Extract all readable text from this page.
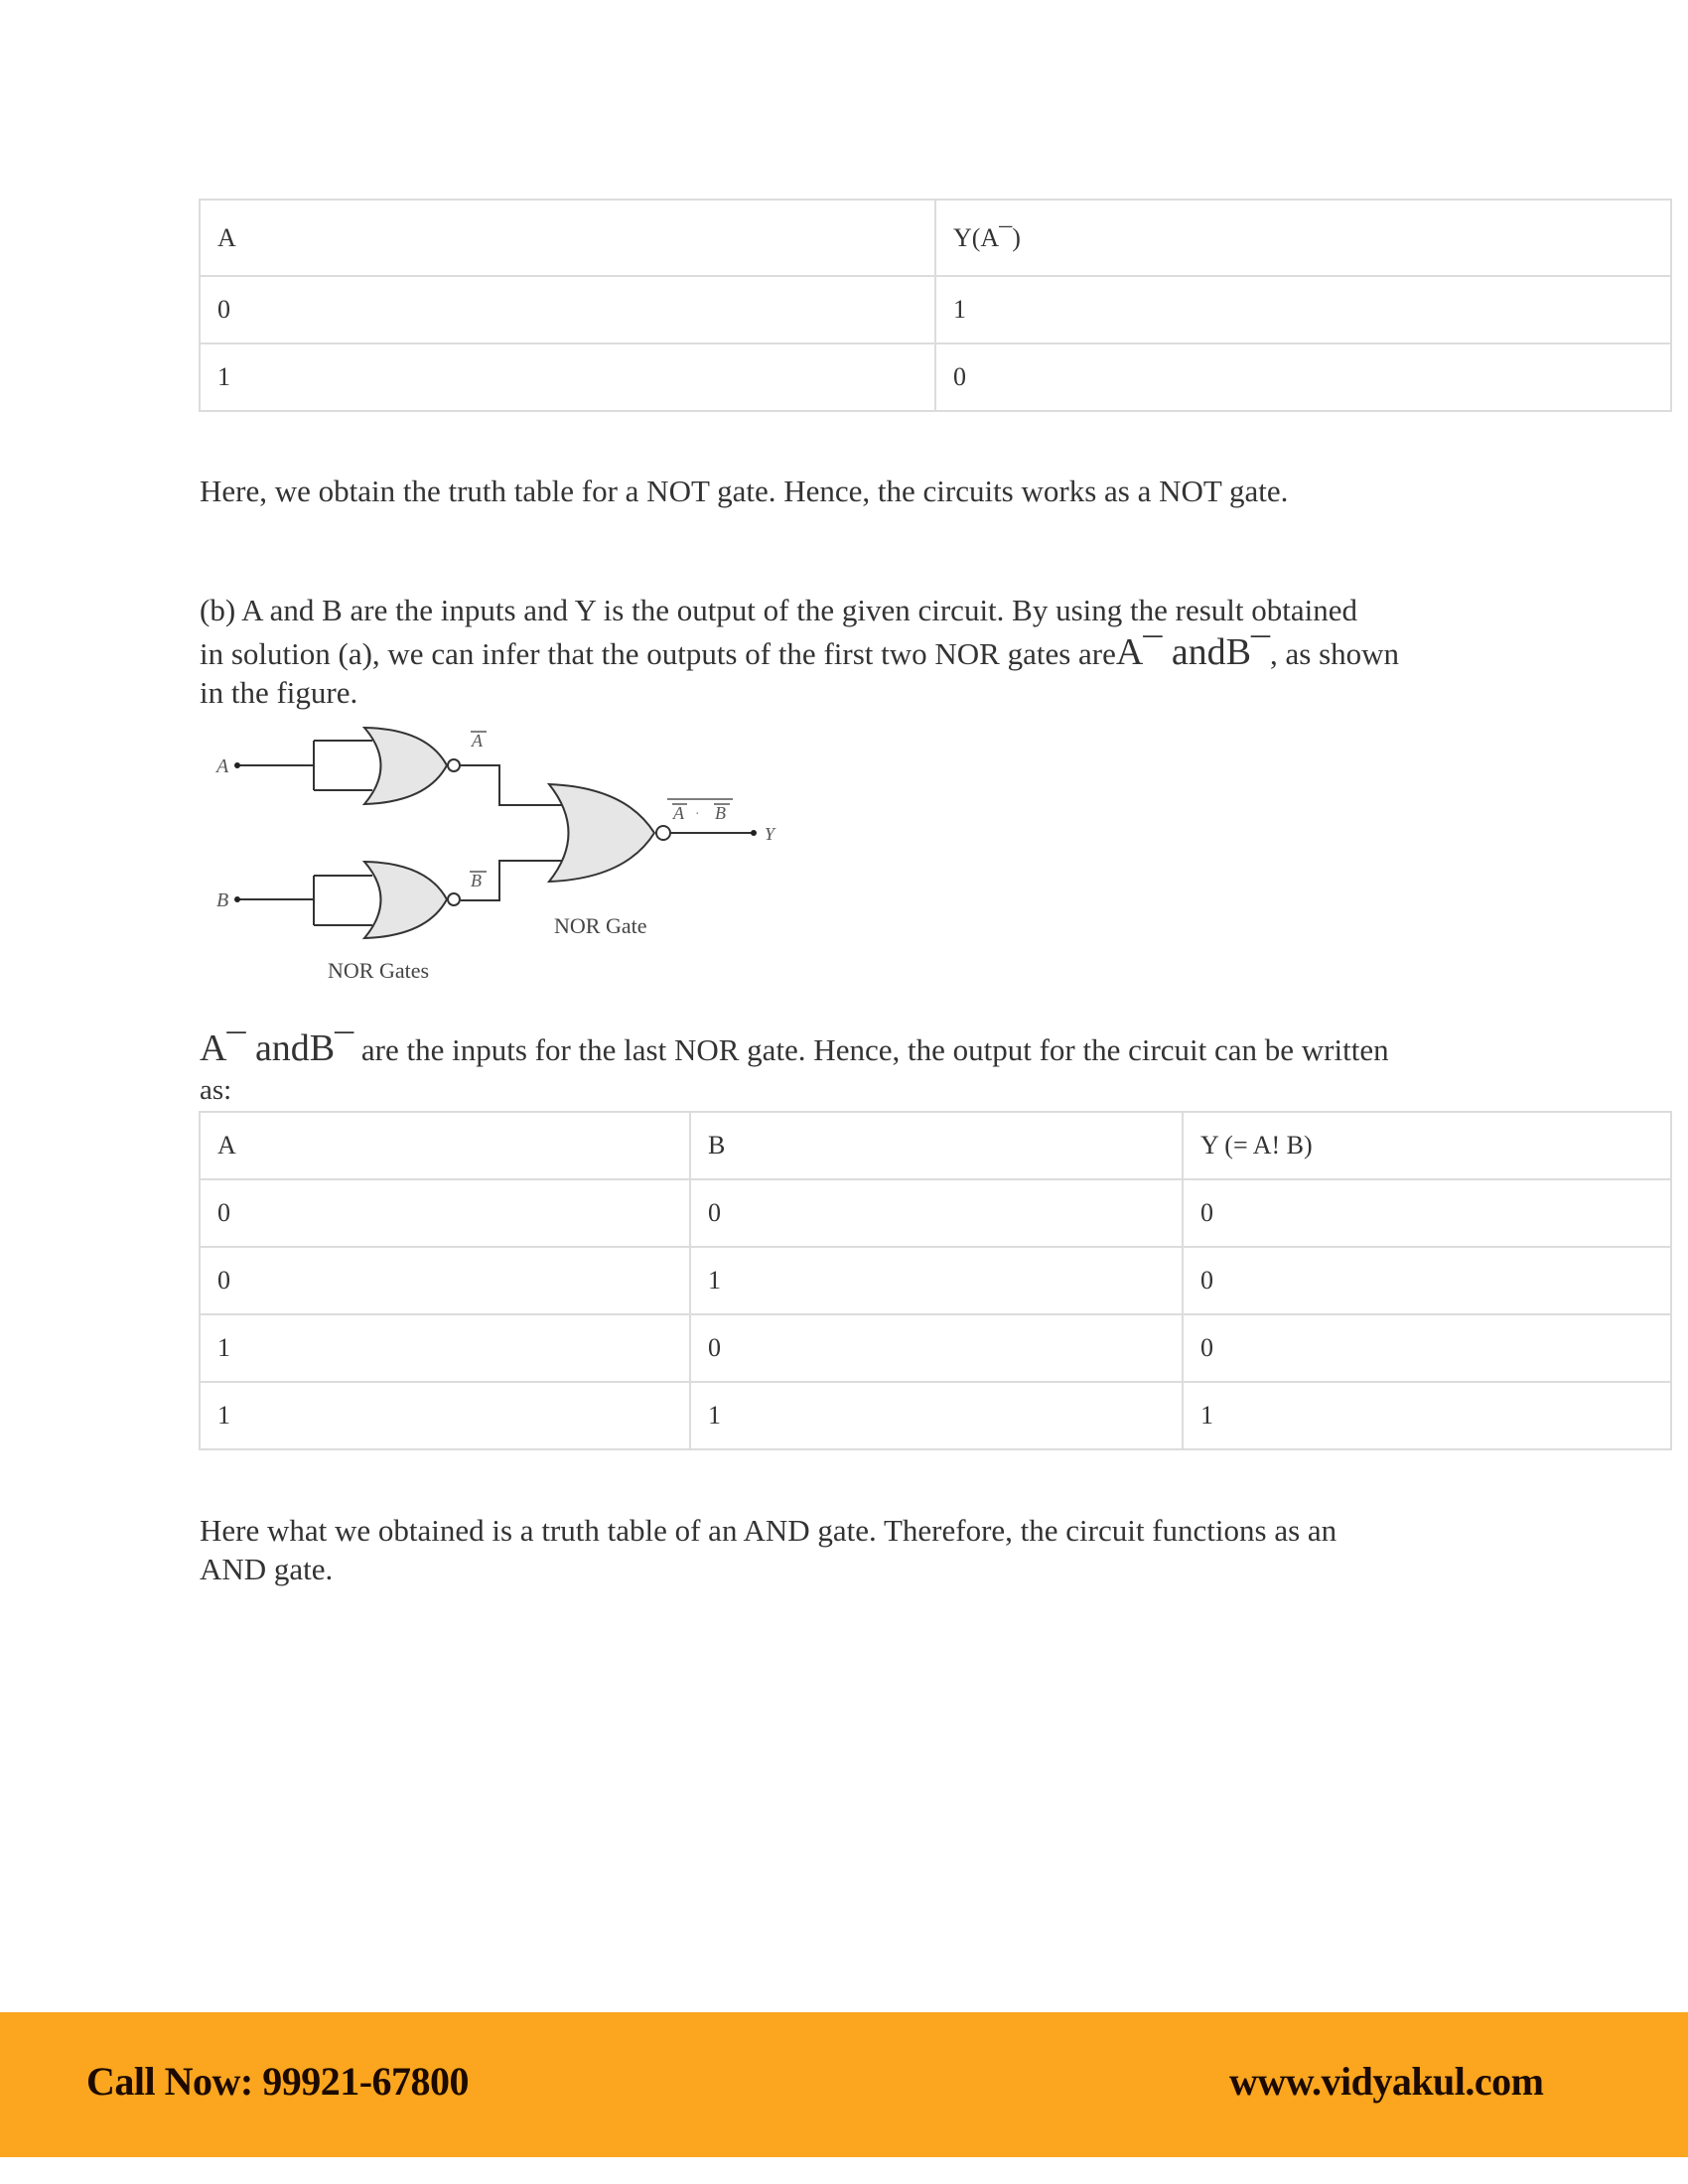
A	Y(A¯)
0	1
1	0
Here, we obtain the truth table for a NOT gate. Hence, the circuits works as a NOT gate.
(b) A and B are the inputs and Y is the output of the given circuit. By using the result obtained
in solution (a), we can infer that the outputs of the first two NOR gates areA¯ andB¯, as shown
in the figure.
A
B
A
B
A · B
Y
NOR Gates
NOR Gate
A¯ andB¯ are the inputs for the last NOR gate. Hence, the output for the circuit can be written
as:
A	B	Y (= A! B)
0	0	0
0	1	0
1	0	0
1	1	1
Here what we obtained is a truth table of an AND gate. Therefore, the circuit functions as an
AND gate.
Call Now: 99921-67800	www.vidyakul.com
